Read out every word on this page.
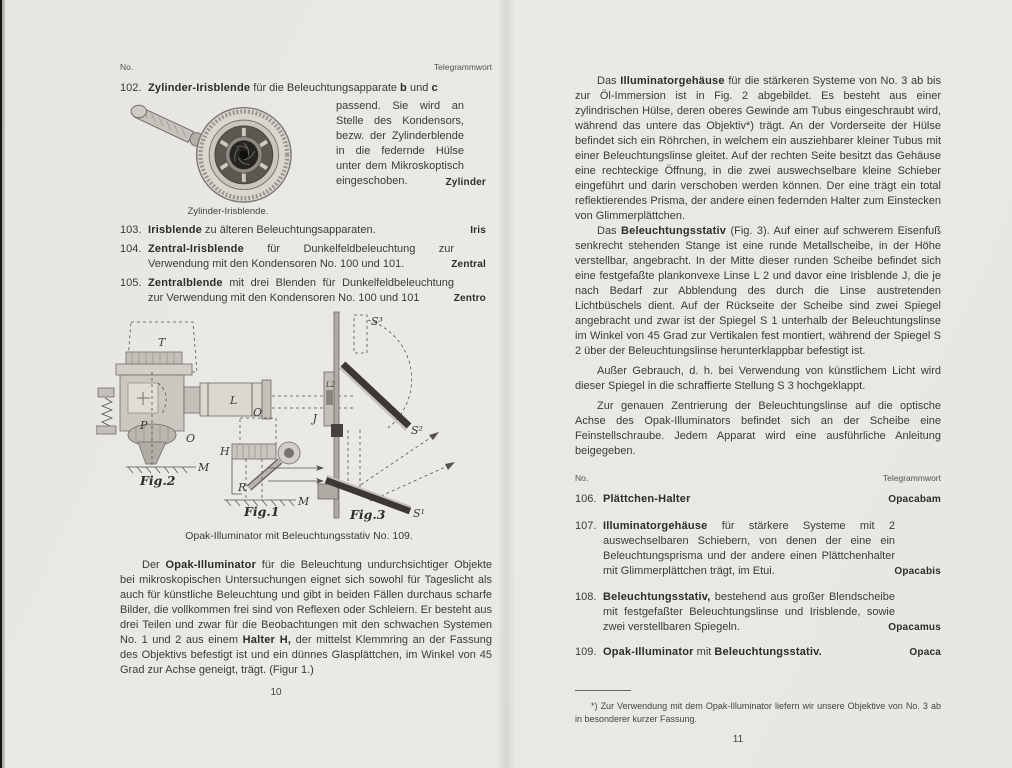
No.	Telegrammwort
102. Zylinder-Irisblende für die Beleuchtungsapparate b und c
Zylinder-Irisblende.
passend. Sie wird an Stelle des Kondensors, bezw. der Zylinderblende in die federnde Hülse unter dem Mikroskoptisch eingeschoben.	Zylinder
103. Irisblende zu älteren Beleuchtungsapparaten.	Iris
104. Zentral-Irisblende für Dunkelfeldbeleuchtung zur Verwendung mit den Kondensoren No. 100 und 101.	Zentral
105. Zentralblende mit drei Blenden für Dunkelfeldbeleuchtung zur Verwendung mit den Kondensoren No. 100 und 101	Zentro
T
L
P
O
M
Fig.2
O
H
R
M
Fig.1
L2
J
S³
S²
S¹
Fig.3
Opak-Illuminator mit Beleuchtungsstativ No. 109.

Der Opak-Illuminator für die Beleuchtung undurchsichtiger Objekte bei mikroskopischen Untersuchungen eignet sich sowohl für Tageslicht als auch für künstliche Beleuchtung und gibt in beiden Fällen durchaus scharfe Bilder, die vollkommen frei sind von Reflexen oder Schleiern. Er besteht aus drei Teilen und zwar für die Beobachtungen mit den schwachen Systemen No. 1 und 2 aus einem Halter H, der mittelst Klemmring an der Fassung des Objektivs befestigt ist und ein dünnes Glasplättchen, im Winkel von 45 Grad zur Achse geneigt, trägt. (Figur 1.)

10

Das Illuminatorgehäuse für die stärkeren Systeme von No. 3 ab bis zur Öl-Immersion ist in Fig. 2 abgebildet. Es besteht aus einer zylindrischen Hülse, deren oberes Gewinde am Tubus eingeschraubt wird, während das untere das Objektiv*) trägt. An der Vorderseite der Hülse befindet sich ein Röhrchen, in welchem ein ausziehbarer kleiner Tubus mit einer Beleuchtungslinse gleitet. Auf der rechten Seite besitzt das Gehäuse eine rechteckige Öffnung, in die zwei auswechselbare kleine Schieber eingeführt und darin verschoben werden können. Der eine trägt ein total reflektierendes Prisma, der andere einen federnden Halter zum Einstecken von Glimmerplättchen.

Das Beleuchtungsstativ (Fig. 3). Auf einer auf schwerem Eisenfuß senkrecht stehenden Stange ist eine runde Metallscheibe, in der Höhe verstellbar, angebracht. In der Mitte dieser runden Scheibe befindet sich eine festgefaßte plankonvexe Linse L 2 und davor eine Irisblende J, die je nach Bedarf zur Abblendung des durch die Linse austretenden Lichtbüschels dient. Auf der Rückseite der Scheibe sind zwei Spiegel angebracht und zwar ist der Spiegel S 1 unterhalb der Beleuchtungslinse im Winkel von 45 Grad zur Vertikalen fest montiert, während der Spiegel S 2 über der Beleuchtungslinse herunterklappbar befestigt ist.

Außer Gebrauch, d. h. bei Verwendung von künstlichem Licht wird dieser Spiegel in die schraffierte Stellung S 3 hochgeklappt.

Zur genauen Zentrierung der Beleuchtungslinse auf die optische Achse des Opak-Illuminators befindet sich an der Scheibe eine Feinstellschraube. Jedem Apparat wird eine ausführliche Anleitung beigegeben.

No.	Telegrammwort
106. Plättchen-Halter	Opacabam
107. Illuminatorgehäuse für stärkere Systeme mit 2 auswechselbaren Schiebern, von denen der eine ein Beleuchtungsprisma und der andere einen Plättchenhalter mit Glimmerplättchen trägt, im Etui.	Opacabis
108. Beleuchtungsstativ, bestehend aus großer Blendscheibe mit festgefaßter Beleuchtungslinse und Irisblende, sowie zwei verstellbaren Spiegeln.	Opacamus
109. Opak-Illuminator mit Beleuchtungsstativ.	Opaca
*) Zur Verwendung mit dem Opak-Illuminator liefern wir unsere Objektive von No. 3 ab in besonderer kurzer Fassung.
11
